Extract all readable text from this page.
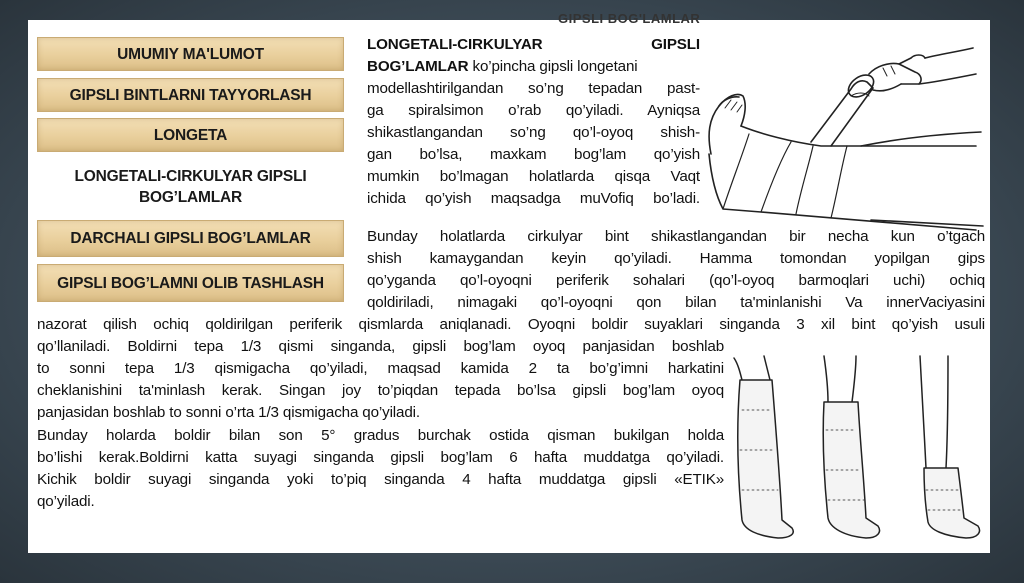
GIPSLI BOG'LAMLAR
UMUMIY MA'LUMOT
GIPSLI BINTLARNI TAYYORLASH
LONGETA
LONGETALI-CIRKULYAR GIPSLI BOG’LAMLAR
DARCHALI GIPSLI BOG’LAMLAR
GIPSLI BOG’LAMNI OLIB TASHLASH
LONGETALI-CIRKULYAR   GIPSLI
BOG’LAMLAR ko’pincha gipsli longetani
modellashtirilgandan so’ng tepadan past-
ga spiralsimon o’rab qo’yiladi. Ayniqsa
shikastlangandan so’ng qo’l-oyoq shish-
gan bo’lsa, maxkam bog’lam qo’yish
mumkin bo’lmagan holatlarda qisqa Vaqt
ichida qo’yish maqsadga muVofiq bo’ladi.
Bunday holatlarda cirkulyar bint shikastlangandan bir necha kun o’tgach
shish kamaygandan keyin qo’yiladi. Hamma tomondan yopilgan gips
qo’yganda qo’l-oyoqni periferik sohalari (qo’l-oyoq barmoqlari uchi) ochiq
qoldiriladi, nimagaki qo’l-oyoqni qon bilan ta'minlanishi Va innerVaciyasini
nazorat qilish ochiq qoldirilgan periferik qismlarda aniqlanadi. Oyoqni boldir suyaklari singanda 3 xil bint qo’yish usuli
qo’llaniladi. Boldirni tepa 1/3 qismi singanda, gipsli bog’lam oyoq panjasidan boshlab
to sonni tepa 1/3 qismigacha qo’yiladi, maqsad kamida 2 ta bo’g’imni harkatini
cheklanishini ta'minlash kerak. Singan joy to’piqdan tepada bo’lsa gipsli bog’lam oyoq
panjasidan boshlab to sonni o’rta 1/3 qismigacha qo’yiladi.
Bunday holarda boldir bilan son 5° gradus burchak ostida qisman bukilgan holda
bo’lishi kerak.Boldirni katta suyagi singanda gipsli bog’lam 6 hafta muddatga qo’yiladi.
Kichik boldir suyagi singanda yoki to’piq singanda 4 hafta muddatga gipsli «ETIK»
qo’yiladi.
